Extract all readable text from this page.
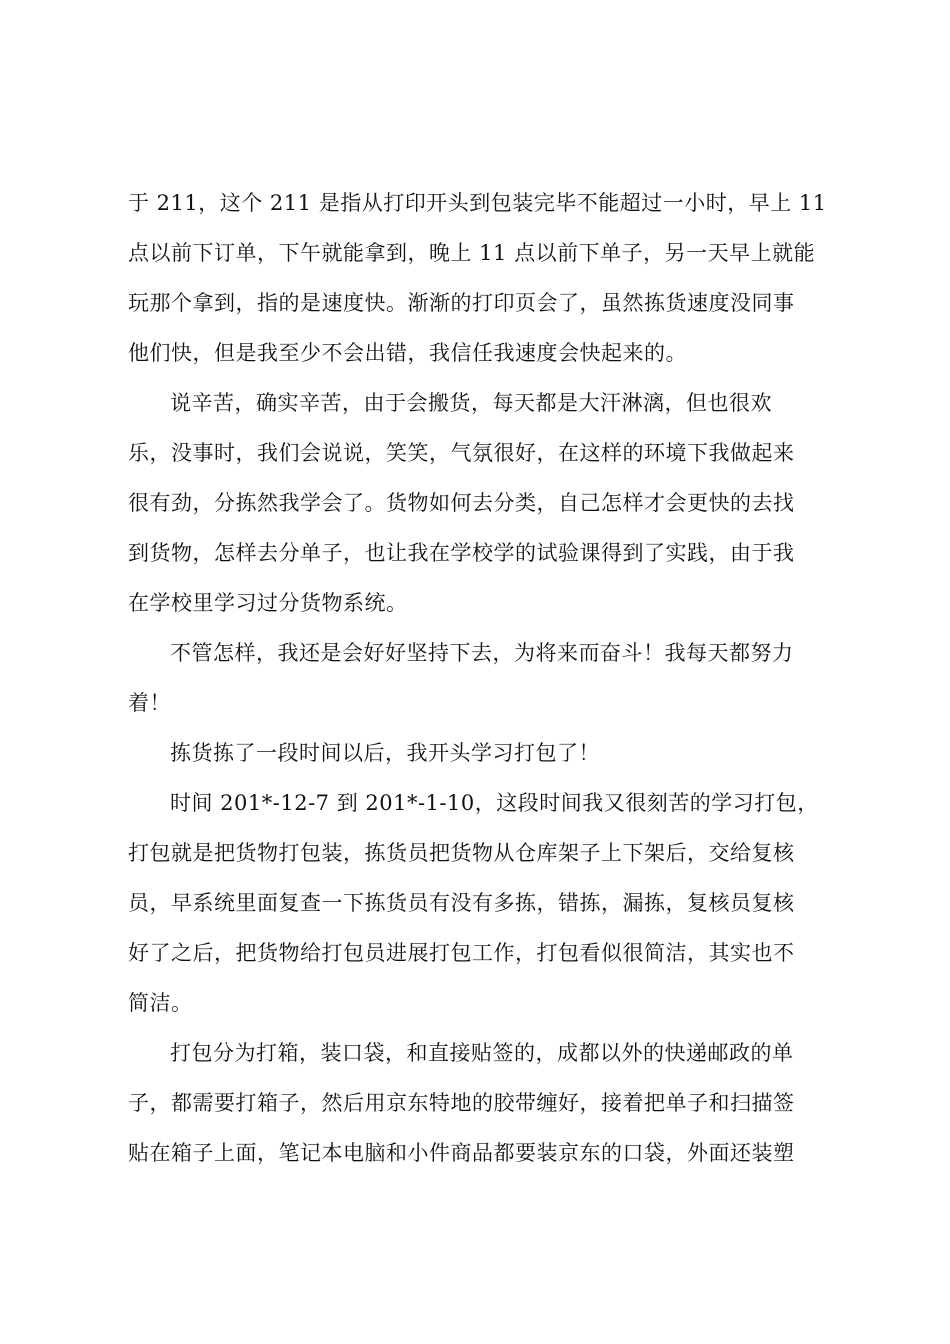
于 211，这个 211 是指从打印开头到包装完毕不能超过一小时，早上 11
点以前下订单，下午就能拿到，晚上 11 点以前下单子，另一天早上就能
玩那个拿到，指的是速度快。渐渐的打印页会了，虽然拣货速度没同事
他们快，但是我至少不会出错，我信任我速度会快起来的。
说辛苦，确实辛苦，由于会搬货，每天都是大汗淋漓，但也很欢
乐，没事时，我们会说说，笑笑，气氛很好，在这样的环境下我做起来
很有劲，分拣然我学会了。货物如何去分类，自己怎样才会更快的去找
到货物，怎样去分单子，也让我在学校学的试验课得到了实践，由于我
在学校里学习过分货物系统。
不管怎样，我还是会好好坚持下去，为将来而奋斗！我每天都努力
着！
拣货拣了一段时间以后，我开头学习打包了！
时间 201*-12-7 到 201*-1-10，这段时间我又很刻苦的学习打包，
打包就是把货物打包装，拣货员把货物从仓库架子上下架后，交给复核
员，早系统里面复查一下拣货员有没有多拣，错拣，漏拣，复核员复核
好了之后，把货物给打包员进展打包工作，打包看似很简洁，其实也不
简洁。
打包分为打箱，装口袋，和直接贴签的，成都以外的快递邮政的单
子，都需要打箱子，然后用京东特地的胶带缠好，接着把单子和扫描签
贴在箱子上面，笔记本电脑和小件商品都要装京东的口袋，外面还装塑
